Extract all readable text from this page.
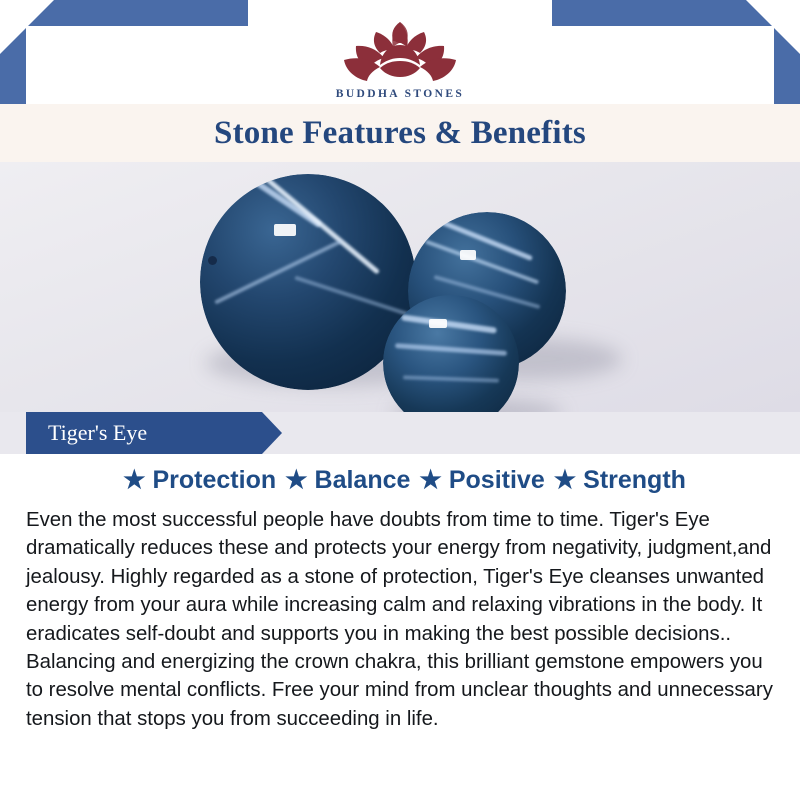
BUDDHA STONES
Stone Features & Benefits
Tiger's Eye
★ Protection ★ Balance ★ Positive ★ Strength
Even the most successful people have doubts from time to time. Tiger's Eye dramatically reduces these and protects your energy from negativity, judgment,and jealousy. Highly regarded as a stone of protection, Tiger's Eye cleanses unwanted energy from your aura while increasing calm and relaxing vibrations in the body. It eradicates self-doubt and supports you in making the best possible decisions.. Balancing and energizing the crown chakra, this brilliant gemstone empowers you to resolve mental conflicts. Free your mind from unclear thoughts and unnecessary tension that stops you from succeeding in life.
